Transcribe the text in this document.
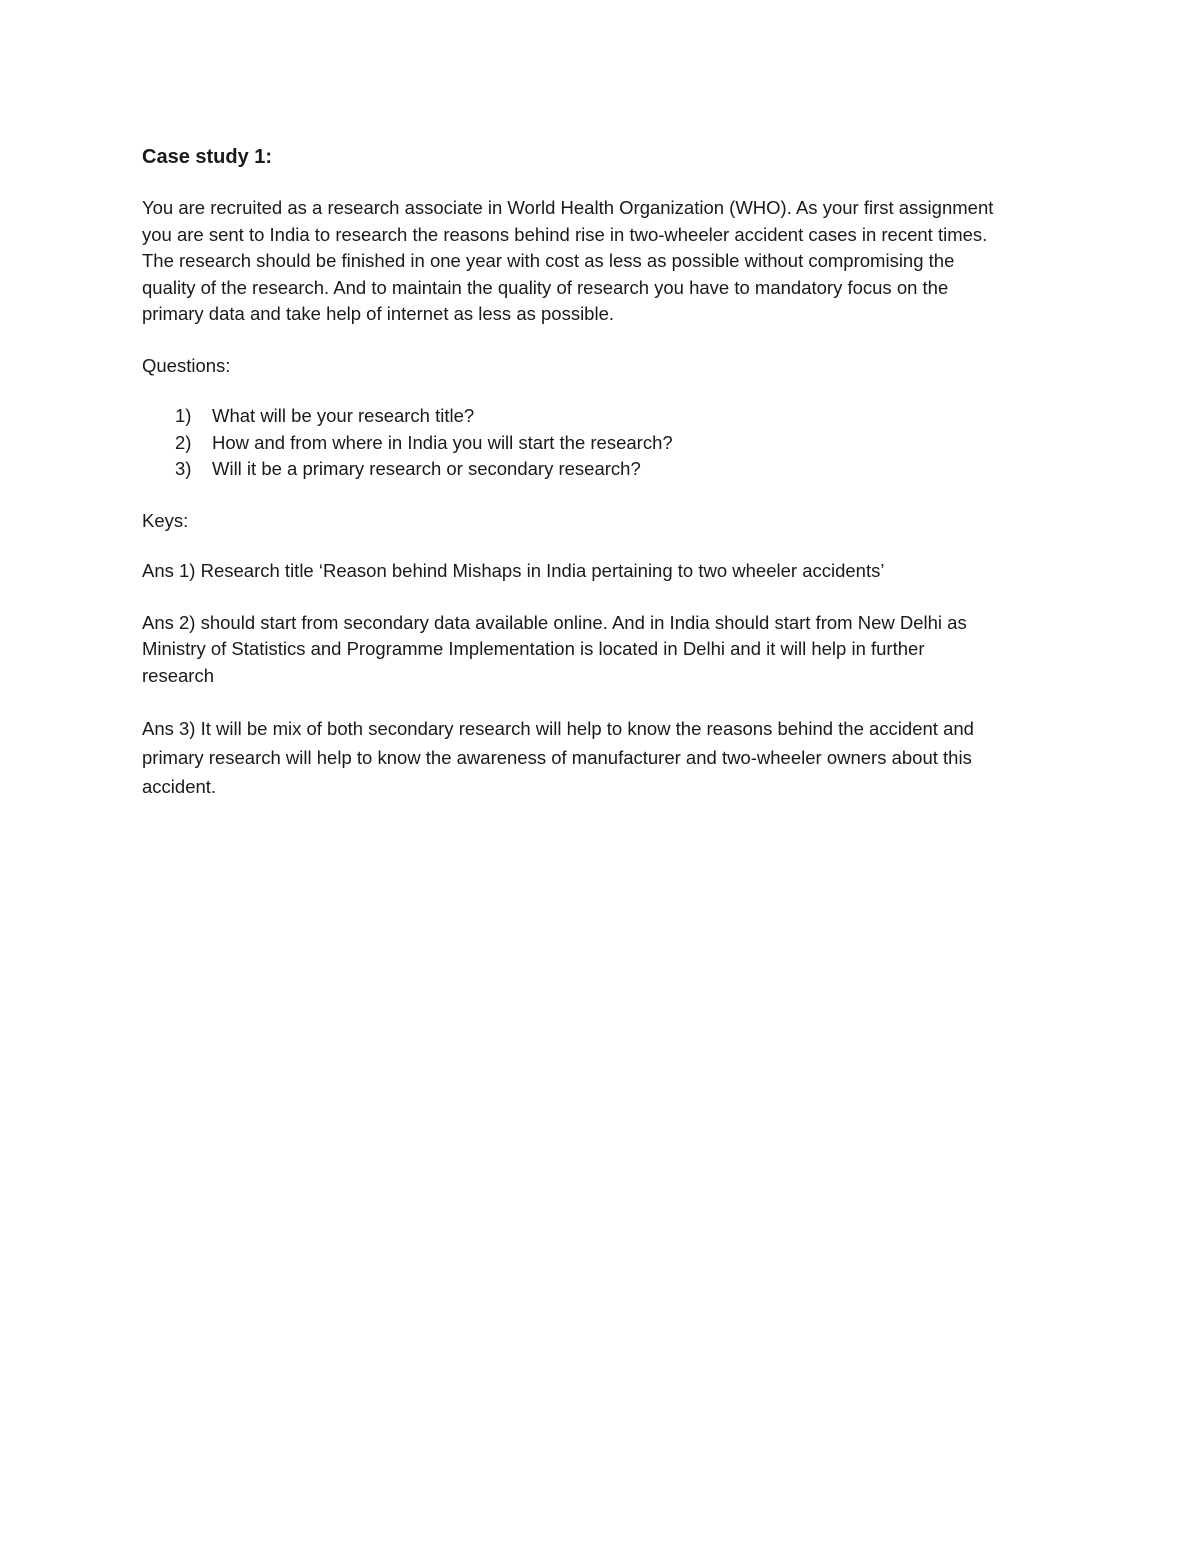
Case study 1:
You are recruited as a research associate in World Health Organization (WHO). As your first assignment
you are sent to India to research the reasons behind rise in two-wheeler accident cases in recent times.
The research should be finished in one year with cost as less as possible without compromising the
quality of the research. And to maintain the quality of research you have to mandatory focus on the
primary data and take help of internet as less as possible.
Questions:
1) What will be your research title?
2) How and from where in India you will start the research?
3) Will it be a primary research or secondary research?
Keys:
Ans 1) Research title ‘Reason behind Mishaps in India pertaining to two wheeler accidents’
Ans 2) should start from secondary data available online. And in India should start from New Delhi as
Ministry of Statistics and Programme Implementation is located in Delhi and it will help in further
research
Ans 3) It will be mix of both secondary research will help to know the reasons behind the accident and
primary research will help to know the awareness of manufacturer and two-wheeler owners about this
accident.
